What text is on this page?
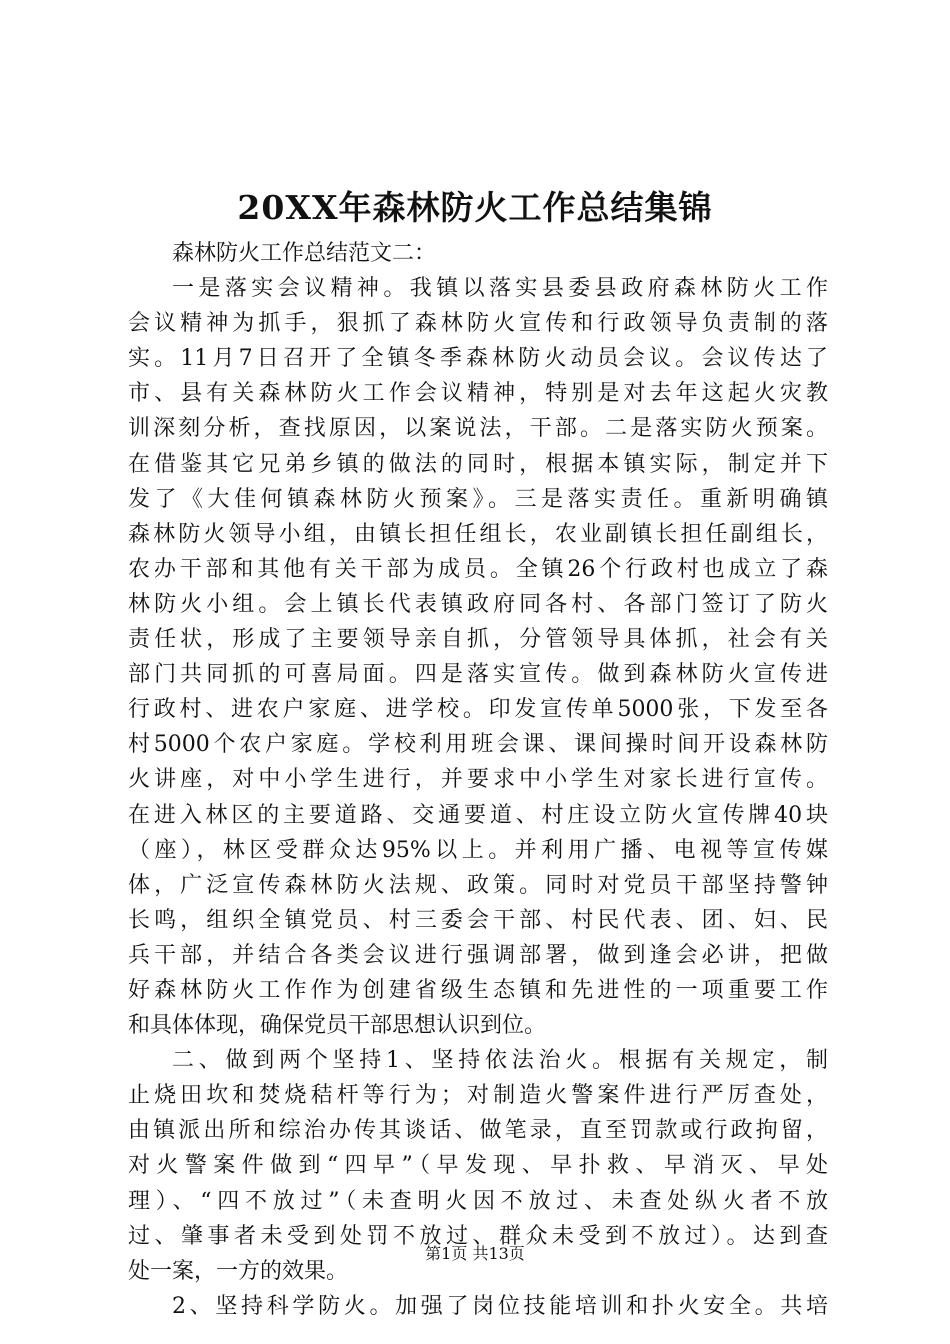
20XX年森林防火工作总结集锦
森林防火工作总结范文二：
一是落实会议精神。我镇以落实县委县政府森林防火工作
会议精神为抓手，狠抓了森林防火宣传和行政领导负责制的落
实。11月7日召开了全镇冬季森林防火动员会议。会议传达了
市、县有关森林防火工作会议精神，特别是对去年这起火灾教
训深刻分析，查找原因，以案说法，干部。二是落实防火预案。
在借鉴其它兄弟乡镇的做法的同时，根据本镇实际，制定并下
发了《大佳何镇森林防火预案》。三是落实责任。重新明确镇
森林防火领导小组，由镇长担任组长，农业副镇长担任副组长，
农办干部和其他有关干部为成员。全镇26个行政村也成立了森
林防火小组。会上镇长代表镇政府同各村、各部门签订了防火
责任状，形成了主要领导亲自抓，分管领导具体抓，社会有关
部门共同抓的可喜局面。四是落实宣传。做到森林防火宣传进
行政村、进农户家庭、进学校。印发宣传单5000张，下发至各
村5000个农户家庭。学校利用班会课、课间操时间开设森林防
火讲座，对中小学生进行，并要求中小学生对家长进行宣传。
在进入林区的主要道路、交通要道、村庄设立防火宣传牌40块
（座），林区受群众达95%以上。并利用广播、电视等宣传媒
体，广泛宣传森林防火法规、政策。同时对党员干部坚持警钟
长鸣，组织全镇党员、村三委会干部、村民代表、团、妇、民
兵干部，并结合各类会议进行强调部署，做到逢会必讲，把做
好森林防火工作作为创建省级生态镇和先进性的一项重要工作
和具体体现，确保党员干部思想认识到位。
二、做到两个坚持1、坚持依法治火。根据有关规定，制
止烧田坎和焚烧秸杆等行为；对制造火警案件进行严厉查处，
由镇派出所和综治办传其谈话、做笔录，直至罚款或行政拘留，
对火警案件做到“四早”（早发现、早扑救、早消灭、早处
理）、“四不放过”（未查明火因不放过、未查处纵火者不放
过、肇事者未受到处罚不放过、群众未受到不放过）。达到查
处一案，一方的效果。
2、坚持科学防火。加强了岗位技能培训和扑火安全。共培
第1页 共13页
